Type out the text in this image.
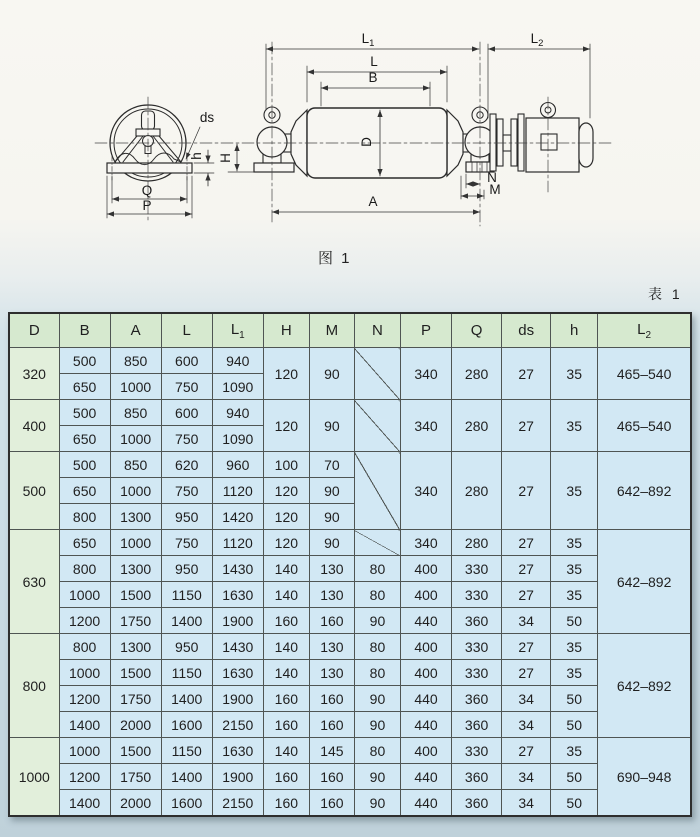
$L_1$	$L_2$
L
B
D
A
H
h
ds
Q
P
N
M
图 1
表 1
D	B	A	L	$L_1$	H	M	N	P	Q	ds	h	$L_2$
320	500	850	600	940	120	90		340	280	27	35	465–540
	650	1000	750	1090								
400	500	850	600	940	120	90		340	280	27	35	465–540
	650	1000	750	1090								
500	500	850	620	960	100	70		340	280	27	35	642–892
	650	1000	750	1120	120	90						
	800	1300	950	1420	120	90						
630	650	1000	750	1120	120	90		340	280	27	35	642–892
	800	1300	950	1430	140	130	80	400	330	27	35	
	1000	1500	1150	1630	140	130	80	400	330	27	35	
	1200	1750	1400	1900	160	160	90	440	360	34	50	
800	800	1300	950	1430	140	130	80	400	330	27	35	642–892
	1000	1500	1150	1630	140	130	80	400	330	27	35	
	1200	1750	1400	1900	160	160	90	440	360	34	50	
	1400	2000	1600	2150	160	160	90	440	360	34	50	
1000	1000	1500	1150	1630	140	145	80	400	330	27	35	690–948
	1200	1750	1400	1900	160	160	90	440	360	34	50	
	1400	2000	1600	2150	160	160	90	440	360	34	50	
